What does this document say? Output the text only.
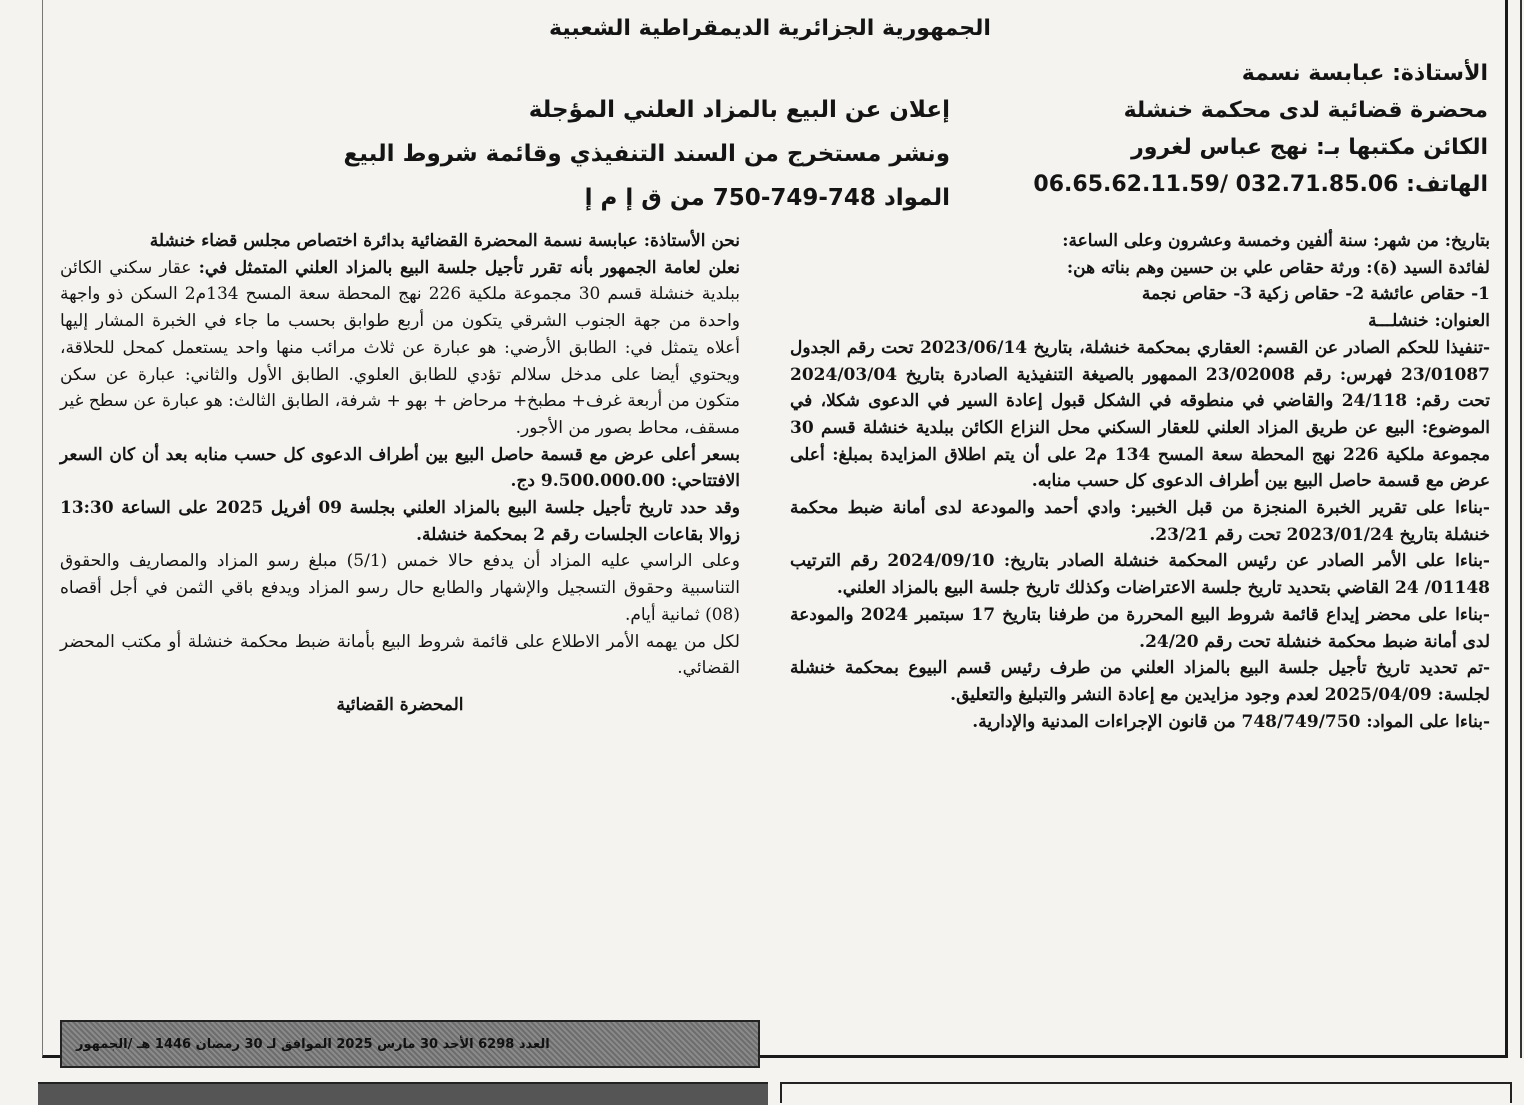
الجمهورية الجزائرية الديمقراطية الشعبية
الأستاذة: عبابسة نسمة
محضرة قضائية لدى محكمة خنشلة
الكائن مكتبها بـ: نهج عباس لغرور
الهاتف: 032.71.85.06 /06.65.62.11.59
إعلان عن البيع بالمزاد العلني المؤجلة
ونشر مستخرج من السند التنفيذي وقائمة شروط البيع
المواد 748-749-750 من ق إ م إ

بتاريخ: من شهر: سنة ألفين وخمسة وعشرون وعلى الساعة:

لفائدة السيد (ة): ورثة حقاص علي بن حسين وهم بناته هن:

1- حقاص عائشة 2- حقاص زكية 3- حقاص نجمة

العنوان: خنشلـــة

-تنفيذا للحكم الصادر عن القسم: العقاري بمحكمة خنشلة، بتاريخ 2023/06/14 تحت رقم الجدول 23/01087 فهرس: رقم 23/02008 الممهور بالصيغة التنفيذية الصادرة بتاريخ 2024/03/04 تحت رقم: 24/118 والقاضي في منطوقه في الشكل قبول إعادة السير في الدعوى شكلا، في الموضوع: البيع عن طريق المزاد العلني للعقار السكني محل النزاع الكائن ببلدية خنشلة قسم 30 مجموعة ملكية 226 نهج المحطة سعة المسح 134 م2 على أن يتم اطلاق المزايدة بمبلغ: أعلى عرض مع قسمة حاصل البيع بين أطراف الدعوى كل حسب منابه.

-بناءا على تقرير الخبرة المنجزة من قبل الخبير: وادي أحمد والمودعة لدى أمانة ضبط محكمة خنشلة بتاريخ 2023/01/24 تحت رقم 23/21.

-بناءا على الأمر الصادر عن رئيس المحكمة خنشلة الصادر بتاريخ: 2024/09/10 رقم الترتيب 01148/ 24 القاضي بتحديد تاريخ جلسة الاعتراضات وكذلك تاريخ جلسة البيع بالمزاد العلني.

-بناءا على محضر إيداع قائمة شروط البيع المحررة من طرفنا بتاريخ 17 سبتمبر 2024 والمودعة لدى أمانة ضبط محكمة خنشلة تحت رقم 24/20.

-تم تحديد تاريخ تأجيل جلسة البيع بالمزاد العلني من طرف رئيس قسم البيوع بمحكمة خنشلة لجلسة: 2025/04/09 لعدم وجود مزايدين مع إعادة النشر والتبليغ والتعليق.

-بناءا على المواد: 748/749/750 من قانون الإجراءات المدنية والإدارية.

نحن الأستاذة: عبابسة نسمة المحضرة القضائية بدائرة اختصاص مجلس قضاء خنشلة

نعلن لعامة الجمهور بأنه تقرر تأجيل جلسة البيع بالمزاد العلني المتمثل في: عقار سكني الكائن ببلدية خنشلة قسم 30 مجموعة ملكية 226 نهج المحطة سعة المسح 134م2 السكن ذو واجهة واحدة من جهة الجنوب الشرقي يتكون من أربع طوابق بحسب ما جاء في الخبرة المشار إليها أعلاه يتمثل في: الطابق الأرضي: هو عبارة عن ثلاث مرائب منها واحد يستعمل كمحل للحلاقة، ويحتوي أيضا على مدخل سلالم تؤدي للطابق العلوي. الطابق الأول والثاني: عبارة عن سكن متكون من أربعة غرف+ مطبخ+ مرحاض + بهو + شرفة، الطابق الثالث: هو عبارة عن سطح غير مسقف، محاط بصور من الأجور.

بسعر أعلى عرض مع قسمة حاصل البيع بين أطراف الدعوى كل حسب منابه بعد أن كان السعر الافتتاحي: 9.500.000.00 دج.

وقد حدد تاريخ تأجيل جلسة البيع بالمزاد العلني بجلسة 09 أفريل 2025 على الساعة 13:30 زوالا بقاعات الجلسات رقم 2 بمحكمة خنشلة.

وعلى الراسي عليه المزاد أن يدفع حالا خمس (5/1) مبلغ رسو المزاد والمصاريف والحقوق التناسبية وحقوق التسجيل والإشهار والطابع حال رسو المزاد ويدفع باقي الثمن في أجل أقصاه (08) ثمانية أيام.

لكل من يهمه الأمر الاطلاع على قائمة شروط البيع بأمانة ضبط محكمة خنشلة أو مكتب المحضر القضائي.

المحضرة القضائية

العدد 6298 الأحد 30 مارس 2025 الموافق لـ 30 رمضان 1446 هـ /الجمهور
